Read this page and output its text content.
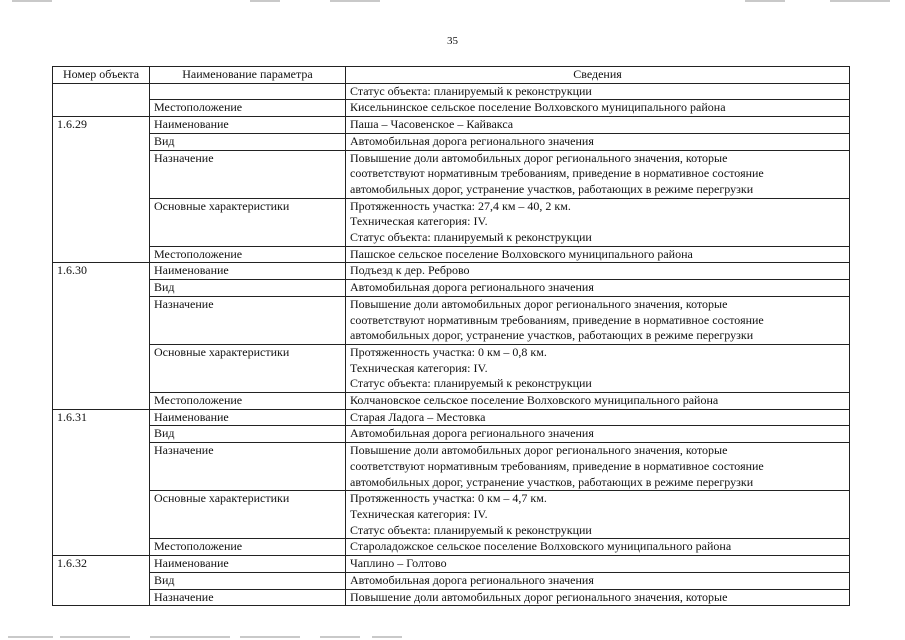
35
Номер объекта	Наименование параметра	Сведения
		Статус объекта: планируемый к реконструкции
	Местоположение	Кисельнинское сельское поселение Волховского муниципального района
1.6.29	Наименование	Паша – Часовенское – Кайвакса
	Вид	Автомобильная дорога регионального значения
	Назначение	Повышение доли автомобильных дорог регионального значения, которые
соответствуют нормативным требованиям, приведение в нормативное состояние
автомобильных дорог, устранение участков, работающих в режиме перегрузки

	Основные характеристики	Протяженность участка: 27,4 км – 40, 2 км.
Техническая категория: IV.
Статус объекта: планируемый к реконструкции

	Местоположение	Пашское сельское поселение Волховского муниципального района
1.6.30	Наименование	Подъезд к дер. Реброво
	Вид	Автомобильная дорога регионального значения
	Назначение	Повышение доли автомобильных дорог регионального значения, которые
соответствуют нормативным требованиям, приведение в нормативное состояние
автомобильных дорог, устранение участков, работающих в режиме перегрузки

	Основные характеристики	Протяженность участка: 0 км – 0,8 км.
Техническая категория: IV.
Статус объекта: планируемый к реконструкции

	Местоположение	Колчановское сельское поселение Волховского муниципального района
1.6.31	Наименование	Старая Ладога – Местовка
	Вид	Автомобильная дорога регионального значения
	Назначение	Повышение доли автомобильных дорог регионального значения, которые
соответствуют нормативным требованиям, приведение в нормативное состояние
автомобильных дорог, устранение участков, работающих в режиме перегрузки

	Основные характеристики	Протяженность участка: 0 км – 4,7 км.
Техническая категория: IV.
Статус объекта: планируемый к реконструкции

	Местоположение	Староладожское сельское поселение Волховского муниципального района
1.6.32	Наименование	Чаплино – Голтово
	Вид	Автомобильная дорога регионального значения
	Назначение	Повышение доли автомобильных дорог регионального значения, которые
